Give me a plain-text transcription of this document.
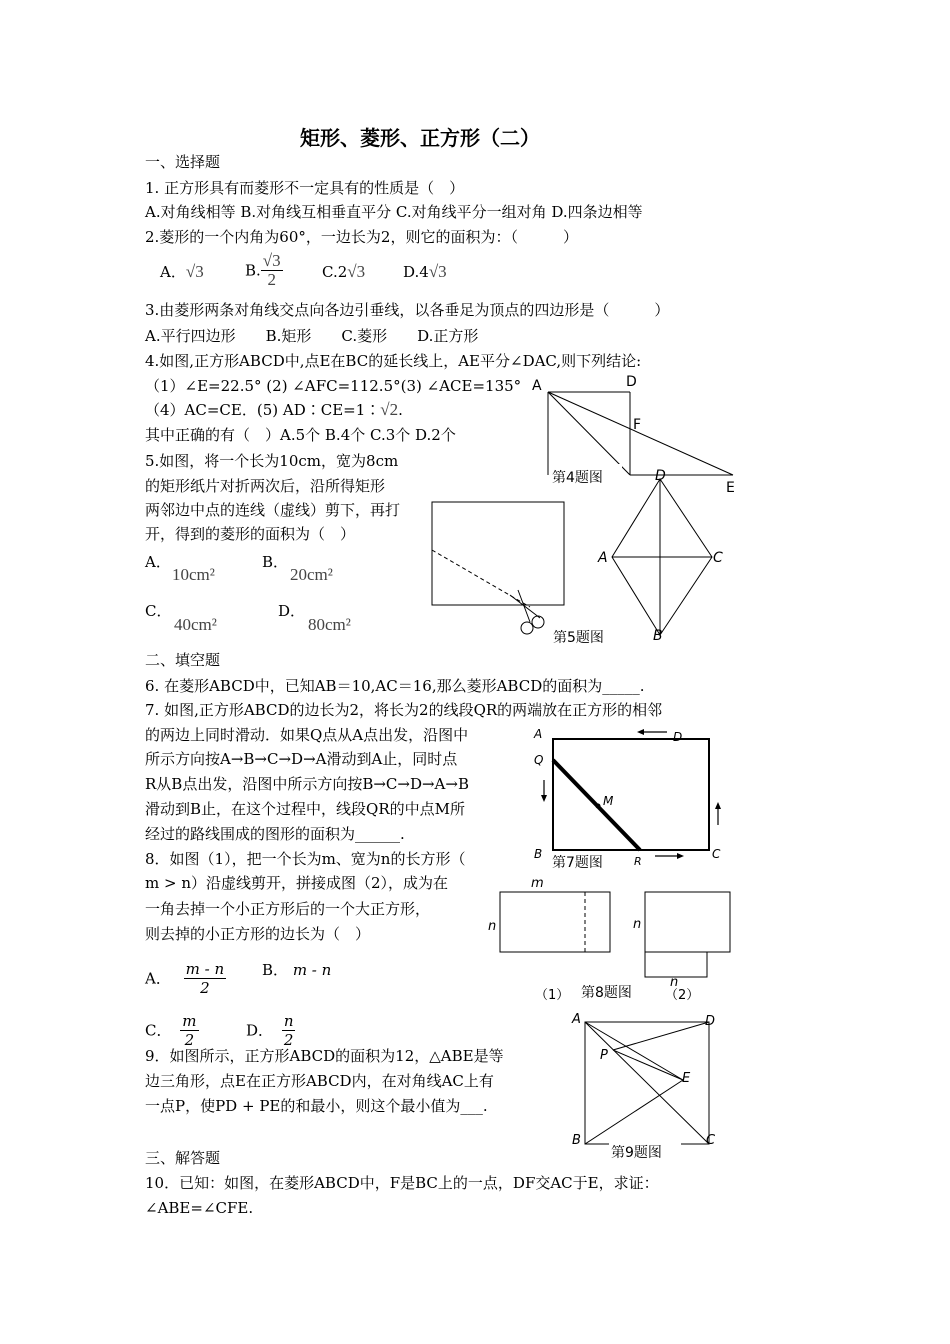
矩形、菱形、正方形（二）
一、选择题
1. 正方形具有而菱形不一定具有的性质是（　）
A.对角线相等 B.对角线互相垂直平分 C.对角线平分一组对角 D.四条边相等
2.菱形的一个内角为60°，一边长为2，则它的面积为：（　　　）
A．√3	B. $\frac{√3}{2}$	C.2√3	D.4√3
3.由菱形两条对角线交点向各边引垂线，以各垂足为顶点的四边形是（　　　）
A.平行四边形　　B.矩形　　C.菱形　　D.正方形
4.如图,正方形ABCD中,点E在BC的延长线上，AE平分∠DAC,则下列结论:
（1）∠E=22.5° (2) ∠AFC=112.5°(3) ∠ACE=135°
（4）AC=CE．(5) AD∶CE=1∶√2.
其中正确的有（　）A.5个 B.4个 C.3个 D.2个
5.如图，将一个长为10cm，宽为8cm
的矩形纸片对折两次后，沿所得矩形
两邻边中点的连线（虚线）剪下，再打
开，得到的菱形的面积为（　）
A．
10cm²
B．
20cm²
C．
40cm²
D．
80cm²
二、填空题
6. 在菱形ABCD中，已知AB＝10,AC＝16,那么菱形ABCD的面积为_____.
7. 如图,正方形ABCD的边长为2，将长为2的线段QR的两端放在正方形的相邻
的两边上同时滑动．如果Q点从A点出发，沿图中
所示方向按A→B→C→D→A滑动到A止，同时点
R从B点出发，沿图中所示方向按B→C→D→A→B
滑动到B止，在这个过程中，线段QR的中点M所
经过的路线围成的图形的面积为______.
8．如图（1），把一个长为m、宽为n的长方形（
m > n）沿虚线剪开，拼接成图（2），成为在
一角去掉一个小正方形后的一个大正方形，
则去掉的小正方形的边长为（　）
A． $\frac{m - n}{2}$ B． m - n
C． $\frac{m}{2}$	D． $\frac{n}{2}$
9．如图所示，正方形ABCD的面积为12，△ABE是等
边三角形，点E在正方形ABCD内，在对角线AC上有
一点P，使PD + PE的和最小，则这个最小值为___.
三、解答题
10．已知：如图，在菱形ABCD中，F是BC上的一点，DF交AC于E，求证：
∠ABE=∠CFE.
A	D
F
E
第4题图	D
A	C
B
第5题图
A
Q
D
M
B
R
C
第7题图
m
n	n
n
（1） 第8题图	（2）
A	D
P
E
B	C
第9题图
